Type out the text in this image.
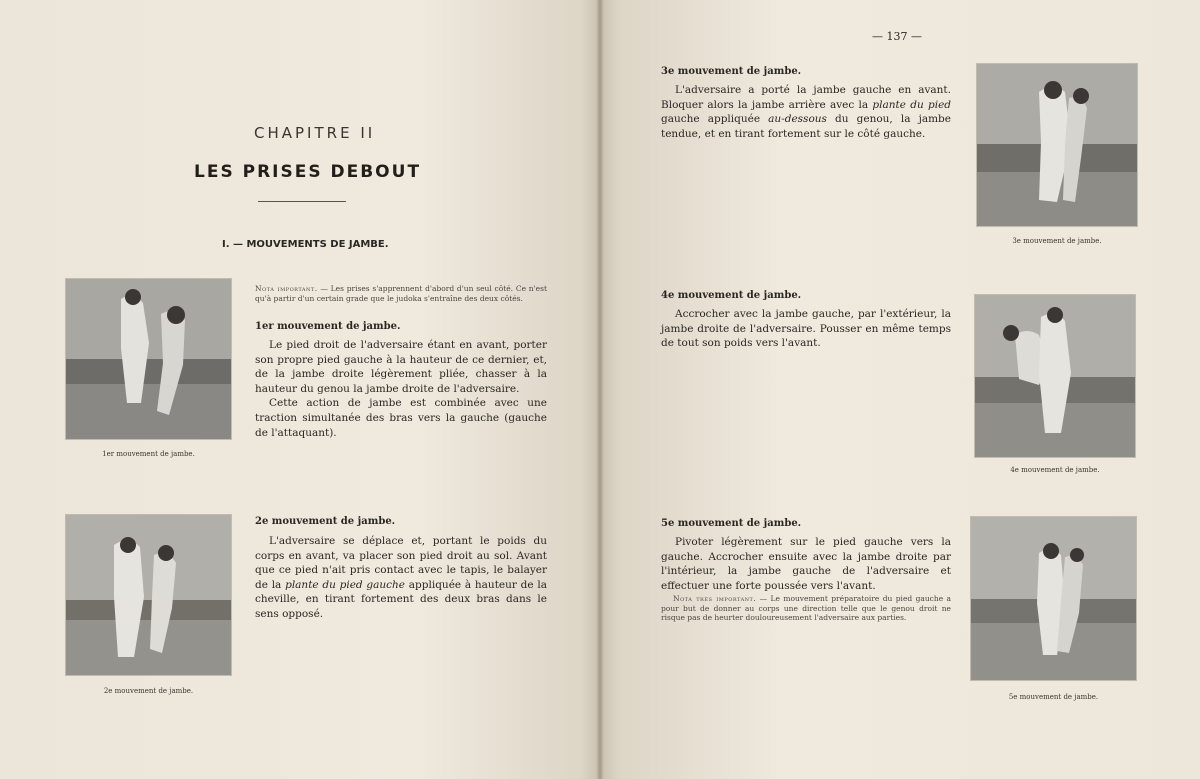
CHAPITRE II
LES PRISES DEBOUT
I. — MOUVEMENTS DE JAMBE.
1er mouvement de jambe.
Nota important. — Les prises s'apprennent d'abord d'un seul côté. Ce n'est qu'à partir d'un certain grade que le judoka s'entraîne des deux côtés.
1er mouvement de jambe.
Le pied droit de l'adversaire étant en avant, porter son propre pied gauche à la hauteur de ce dernier, et, de la jambe droite légèrement pliée, chasser à la hauteur du genou la jambe droite de l'adversaire.
Cette action de jambe est combinée avec une traction simultanée des bras vers la gauche (gauche de l'attaquant).
2e mouvement de jambe.
2e mouvement de jambe.
L'adversaire se déplace et, portant le poids du corps en avant, va placer son pied droit au sol. Avant que ce pied n'ait pris contact avec le tapis, le balayer de la plante du pied gauche appliquée à hauteur de la cheville, en tirant fortement des deux bras dans le sens opposé.
— 137 —
3e mouvement de jambe.
L'adversaire a porté la jambe gauche en avant. Bloquer alors la jambe arrière avec la plante du pied gauche appliquée au-dessous du genou, la jambe tendue, et en tirant fortement sur le côté gauche.
3e mouvement de jambe.
4e mouvement de jambe.
Accrocher avec la jambe gauche, par l'extérieur, la jambe droite de l'adversaire. Pousser en même temps de tout son poids vers l'avant.
4e mouvement de jambe.
5e mouvement de jambe.
Pivoter légèrement sur le pied gauche vers la gauche. Accrocher ensuite avec la jambe droite par l'intérieur, la jambe gauche de l'adversaire et effectuer une forte poussée vers l'avant.
Nota très important. — Le mouvement préparatoire du pied gauche a pour but de donner au corps une direction telle que le genou droit ne risque pas de heurter douloureusement l'adversaire aux parties.
5e mouvement de jambe.
